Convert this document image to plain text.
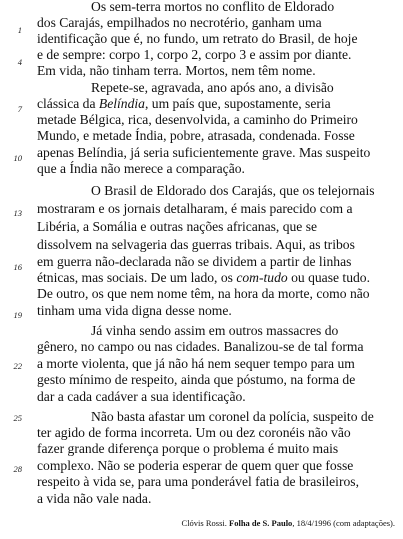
1
4
7
10
13
16
19
22
25
28
Os sem-terra mortos no conflito de Eldorado
dos Carajás, empilhados no necrotério, ganham uma
identificação que é, no fundo, um retrato do Brasil, de hoje
e de sempre: corpo 1, corpo 2, corpo 3 e assim por diante.
Em vida, não tinham terra. Mortos, nem têm nome.
Repete-se, agravada, ano após ano, a divisão
clássica da Belíndia, um país que, supostamente, seria
metade Bélgica, rica, desenvolvida, a caminho do Primeiro
Mundo, e metade Índia, pobre, atrasada, condenada. Fosse
apenas Belíndia, já seria suficientemente grave. Mas suspeito
que a Índia não merece a comparação.
O Brasil de Eldorado dos Carajás, que os telejornais
mostraram e os jornais detalharam, é mais parecido com a
Libéria, a Somália e outras nações africanas, que se
dissolvem na selvageria das guerras tribais. Aqui, as tribos
em guerra não-declarada não se dividem a partir de linhas
étnicas, mas sociais. De um lado, os com-tudo ou quase tudo.
De outro, os que nem nome têm, na hora da morte, como não
tinham uma vida digna desse nome.
Já vinha sendo assim em outros massacres do
gênero, no campo ou nas cidades. Banalizou-se de tal forma
a morte violenta, que já não há nem sequer tempo para um
gesto mínimo de respeito, ainda que póstumo, na forma de
dar a cada cadáver a sua identificação.
Não basta afastar um coronel da polícia, suspeito de
ter agido de forma incorreta. Um ou dez coronéis não vão
fazer grande diferença porque o problema é muito mais
complexo. Não se poderia esperar de quem quer que fosse
respeito à vida se, para uma ponderável fatia de brasileiros,
a vida não vale nada.
Clóvis Rossi. Folha de S. Paulo, 18/4/1996 (com adaptações).
